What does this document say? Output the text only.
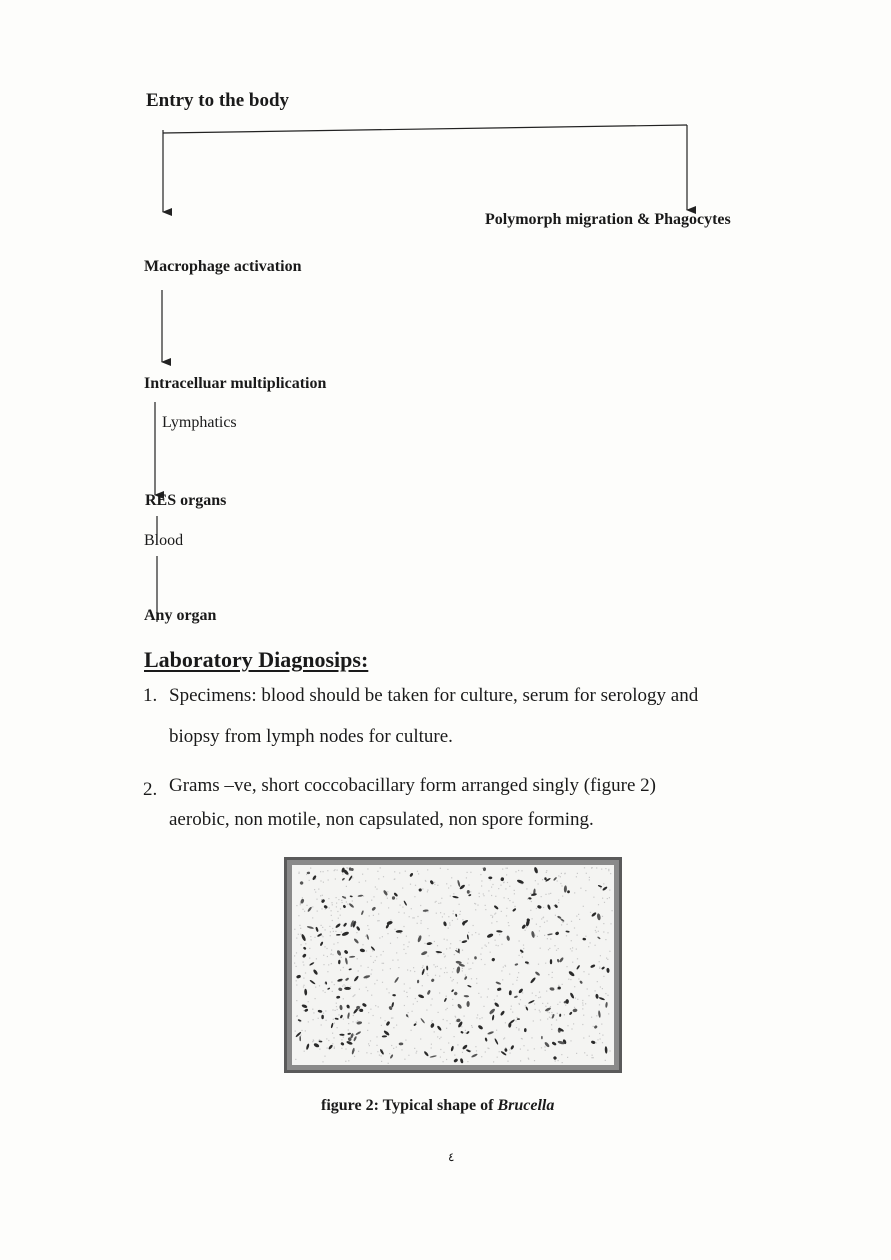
Entry to the body
Polymorph migration & Phagocytes
Macrophage activation
Intracelluar multiplication
Lymphatics
RES organs
Blood
Any organ
Laboratory Diagnosips:
1. Specimens: blood should be taken for culture, serum for serology and
biopsy from lymph nodes for culture.
2. Grams –ve, short coccobacillary form arranged singly (figure 2)
aerobic, non motile, non capsulated, non spore forming.
figure 2: Typical shape of Brucella
٤
